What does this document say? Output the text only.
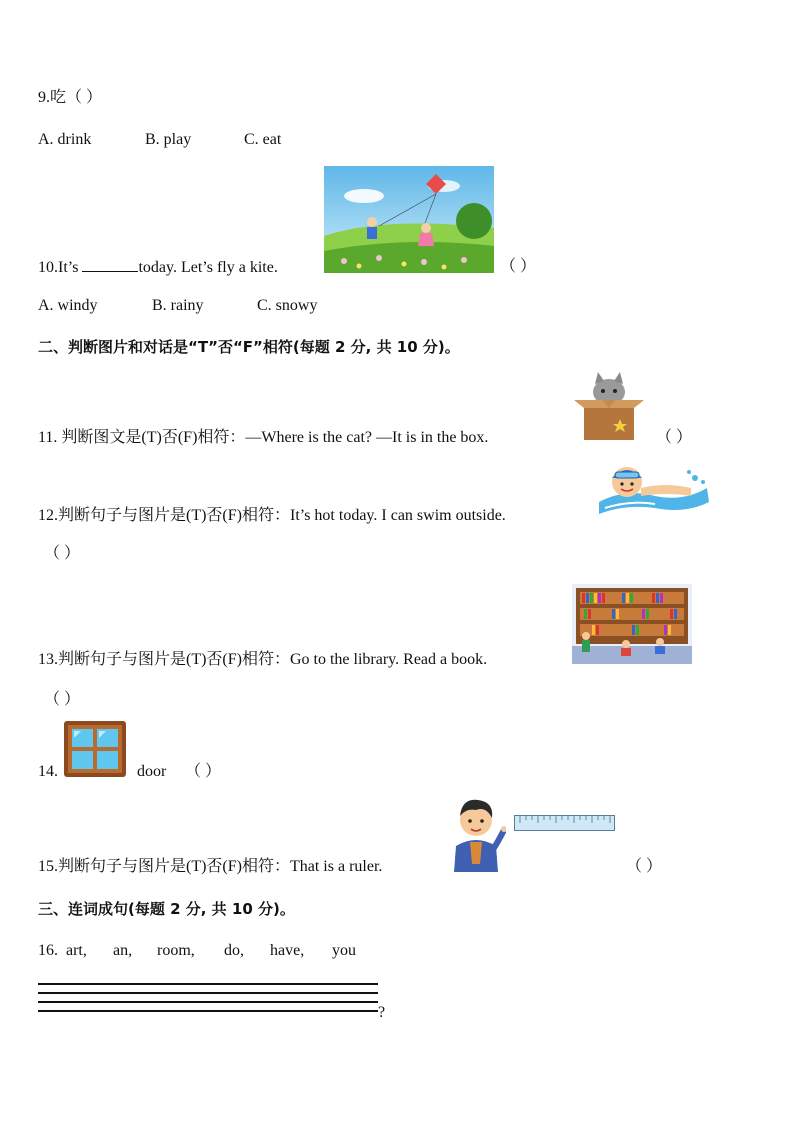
9.吃（ ）
A. drink	B. play	C. eat
10.It’s	today. Let’s fly a kite.	（ ）
A. windy	B. rainy	C. snowy
二、判断图片和对话是“T”否“F”相符(每题 2 分, 共 10 分)。
11. 判断图文是(T)否(F)相符：—Where is the cat? —It is in the box.	（ ）
12.判断句子与图片是(T)否(F)相符：It’s hot today. I can swim outside.
（ ）
13.判断句子与图片是(T)否(F)相符：Go to the library. Read a book.
（ ）
14.	door （ ）
15.判断句子与图片是(T)否(F)相符：That is a ruler.	（ ）
三、连词成句(每题 2 分, 共 10 分)。
16. art, an, room, do, have, you
?
